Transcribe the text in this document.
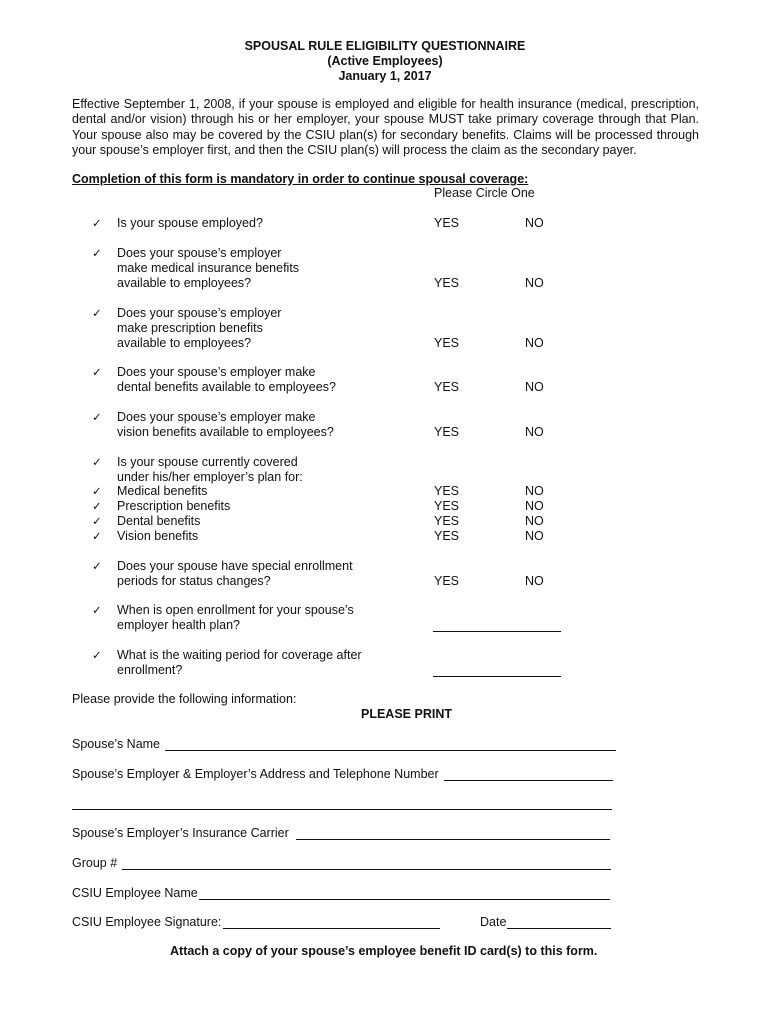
SPOUSAL RULE ELIGIBILITY QUESTIONNAIRE
(Active Employees)
January 1, 2017
Effective September 1, 2008, if your spouse is employed and eligible for health insurance (medical, prescription, dental and/or vision) through his or her employer, your spouse MUST take primary coverage through that Plan. Your spouse also may be covered by the CSIU plan(s) for secondary benefits. Claims will be processed through your spouse’s employer first, and then the CSIU plan(s) will process the claim as the secondary payer.
Completion of this form is mandatory in order to continue spousal coverage:
Please Circle One
✓ Is your spouse employed?	YES	NO
✓ Does your spouse’s employer
make medical insurance benefits
available to employees?	YES	NO
✓ Does your spouse’s employer
make prescription benefits
available to employees?	YES	NO
✓ Does your spouse’s employer make
dental benefits available to employees?	YES	NO
✓ Does your spouse’s employer make
vision benefits available to employees?	YES	NO
✓ Is your spouse currently covered
under his/her employer’s plan for:
✓ Medical benefits	YES	NO
✓ Prescription benefits	YES	NO
✓ Dental benefits	YES	NO
✓ Vision benefits	YES	NO
✓ Does your spouse have special enrollment
periods for status changes?	YES	NO
✓ When is open enrollment for your spouse’s
employer health plan?
✓ What is the waiting period for coverage after
enrollment?
Please provide the following information:
PLEASE PRINT
Spouse’s Name
Spouse’s Employer & Employer’s Address and Telephone Number
Spouse’s Employer’s Insurance Carrier
Group #
CSIU Employee Name
CSIU Employee Signature:	Date
Attach a copy of your spouse’s employee benefit ID card(s) to this form.
